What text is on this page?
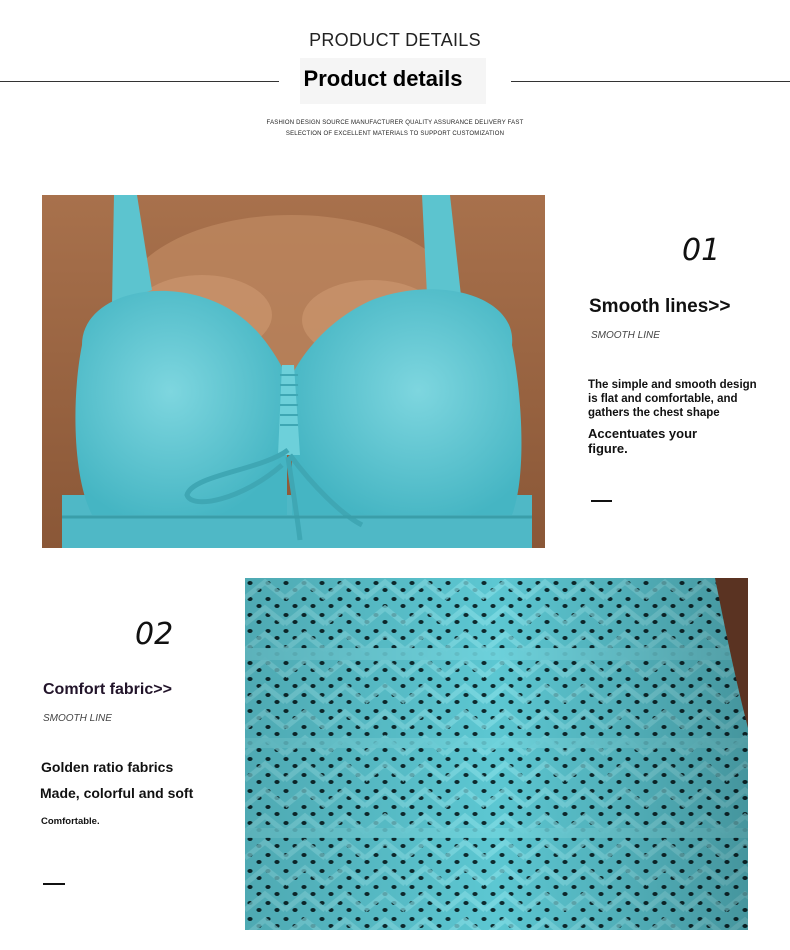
PRODUCT DETAILS
Product details
FASHION DESIGN SOURCE MANUFACTURER QUALITY ASSURANCE DELIVERY FAST
SELECTION OF EXCELLENT MATERIALS TO SUPPORT CUSTOMIZATION
01
Smooth lines>>
SMOOTH LINE
The simple and smooth design
is flat and comfortable, and
gathers the chest shape
Accentuates your
figure.
02
Comfort fabric>>
SMOOTH LINE
Golden ratio fabrics
Made, colorful and soft
Comfortable.
